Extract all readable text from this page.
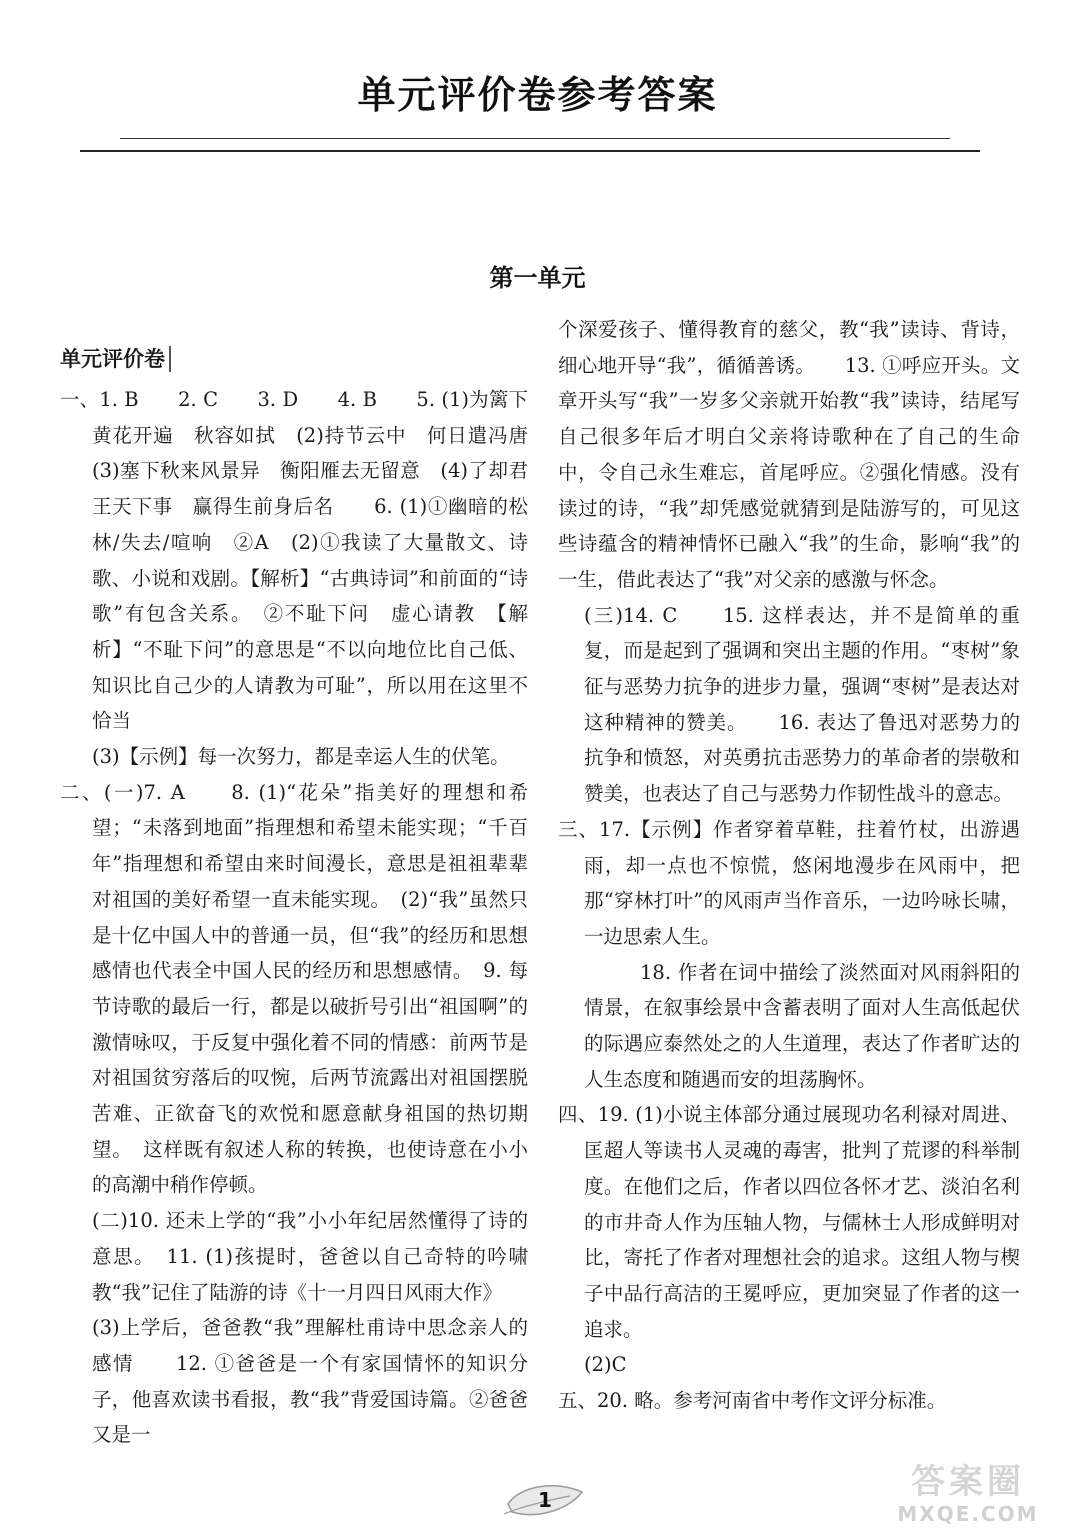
单元评价卷参考答案
第一单元
单元评价卷

一、1. B　　2. C　　3. D　　4. B　　5. (1)为篱下黄花开遍　秋容如拭　(2)持节云中　何日遣冯唐　(3)塞下秋来风景异　衡阳雁去无留意　(4)了却君王天下事　赢得生前身后名　　6. (1)①幽暗的松林/失去/喧响　②A　(2)①我读了大量散文、诗歌、小说和戏剧。【解析】“古典诗词”和前面的“诗歌”有包含关系。　②不耻下问　虚心请教　【解析】“不耻下问”的意思是“不以向地位比自己低、知识比自己少的人请教为可耻”，所以用在这里不恰当

(3)【示例】每一次努力，都是幸运人生的伏笔。

二、(一)7. A　　8. (1)“花朵”指美好的理想和希望；“未落到地面”指理想和希望未能实现；“千百年”指理想和希望由来时间漫长，意思是祖祖辈辈对祖国的美好希望一直未能实现。　(2)“我”虽然只是十亿中国人中的普通一员，但“我”的经历和思想感情也代表全中国人民的经历和思想感情。　9. 每节诗歌的最后一行，都是以破折号引出“祖国啊”的激情咏叹，于反复中强化着不同的情感：前两节是对祖国贫穷落后的叹惋，后两节流露出对祖国摆脱苦难、正欲奋飞的欢悦和愿意献身祖国的热切期望。　这样既有叙述人称的转换，也使诗意在小小的高潮中稍作停顿。

(二)10. 还未上学的“我”小小年纪居然懂得了诗的意思。　11. (1)孩提时，爸爸以自己奇特的吟啸教“我”记住了陆游的诗《十一月四日风雨大作》

(3)上学后，爸爸教“我”理解杜甫诗中思念亲人的感情　　12. ①爸爸是一个有家国情怀的知识分子，他喜欢读书看报，教“我”背爱国诗篇。②爸爸又是一

个深爱孩子、懂得教育的慈父，教“我”读诗、背诗，细心地开导“我”，循循善诱。　　13. ①呼应开头。文章开头写“我”一岁多父亲就开始教“我”读诗，结尾写自己很多年后才明白父亲将诗歌种在了自己的生命中，令自己永生难忘，首尾呼应。②强化情感。没有读过的诗，“我”却凭感觉就猜到是陆游写的，可见这些诗蕴含的精神情怀已融入“我”的生命，影响“我”的一生，借此表达了“我”对父亲的感激与怀念。

(三)14. C　　15. 这样表达，并不是简单的重复，而是起到了强调和突出主题的作用。“枣树”象征与恶势力抗争的进步力量，强调“枣树”是表达对这种精神的赞美。　　16. 表达了鲁迅对恶势力的抗争和愤怒，对英勇抗击恶势力的革命者的崇敬和赞美，也表达了自己与恶势力作韧性战斗的意志。

三、17.【示例】作者穿着草鞋，拄着竹杖，出游遇雨，却一点也不惊慌，悠闲地漫步在风雨中，把那“穿林打叶”的风雨声当作音乐，一边吟咏长啸，一边思索人生。

18. 作者在词中描绘了淡然面对风雨斜阳的情景，在叙事绘景中含蓄表明了面对人生高低起伏的际遇应泰然处之的人生道理，表达了作者旷达的人生态度和随遇而安的坦荡胸怀。

四、19. (1)小说主体部分通过展现功名利禄对周进、匡超人等读书人灵魂的毒害，批判了荒谬的科举制度。在他们之后，作者以四位各怀才艺、淡泊名利的市井奇人作为压轴人物，与儒林士人形成鲜明对比，寄托了作者对理想社会的追求。这组人物与楔子中品行高洁的王冕呼应，更加突显了作者的这一追求。

(2)C

五、20. 略。参考河南省中考作文评分标准。

1	答案圈
MXQE.COM
